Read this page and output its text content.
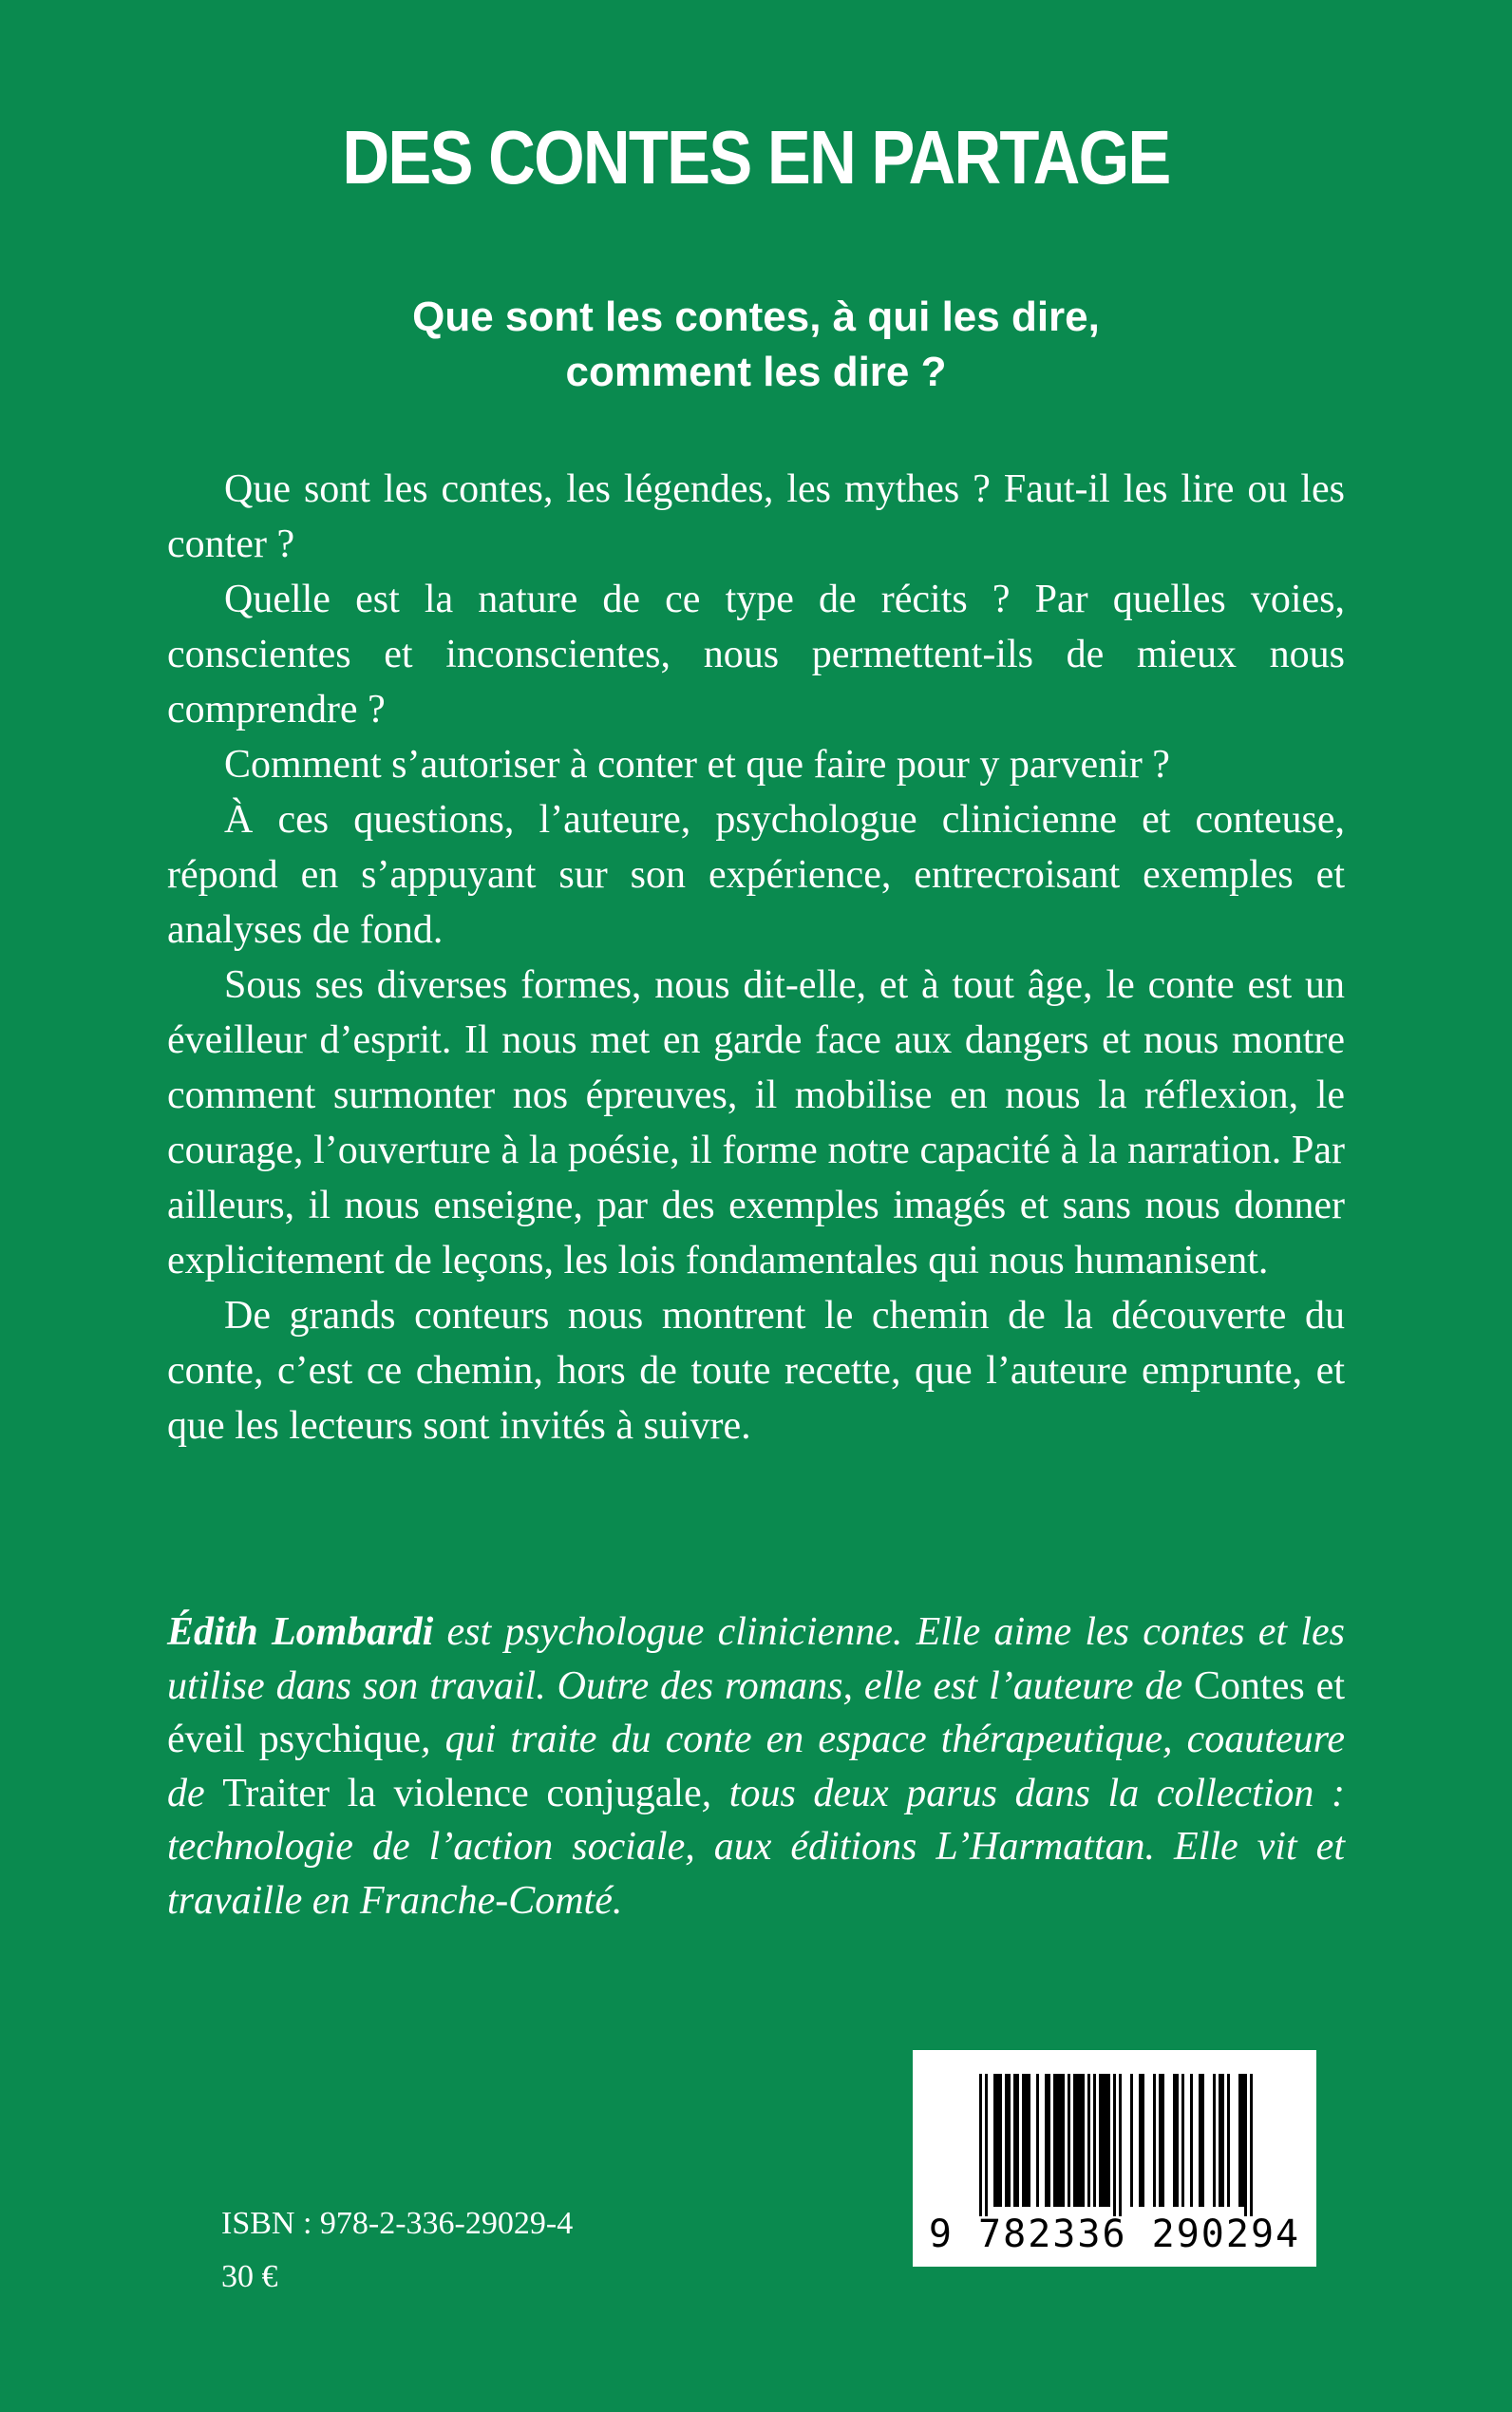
DES CONTES EN PARTAGE
Que sont les contes, à qui les dire,
comment les dire ?

Que sont les contes, les légendes, les mythes ? Faut-il les lire ou les conter ?

Quelle est la nature de ce type de récits ? Par quelles voies, conscientes et inconscientes, nous permettent-ils de mieux nous comprendre ?

Comment s’autoriser à conter et que faire pour y parvenir ?

À ces questions, l’auteure, psychologue clinicienne et conteuse, répond en s’appuyant sur son expérience, entrecroisant exemples et analyses de fond.

Sous ses diverses formes, nous dit-elle, et à tout âge, le conte est un éveilleur d’esprit. Il nous met en garde face aux dangers et nous montre comment surmonter nos épreuves, il mobilise en nous la réflexion, le courage, l’ouverture à la poésie, il forme notre capacité à la narration. Par ailleurs, il nous enseigne, par des exemples imagés et sans nous donner explicitement de leçons, les lois fondamentales qui nous humanisent.

De grands conteurs nous montrent le chemin de la découverte du conte, c’est ce chemin, hors de toute recette, que l’auteure emprunte, et que les lecteurs sont invités à suivre.

Édith Lombardi est psychologue clinicienne. Elle aime les contes et les utilise dans son travail. Outre des romans, elle est l’auteure de Contes et éveil psychique, qui traite du conte en espace thérapeutique, coauteure de Traiter la violence conjugale, tous deux parus dans la collection : technologie de l’action sociale, aux éditions L’Harmattan. Elle vit et travaille en Franche-Comté.
ISBN : 978-2-336-29029-4
30 €
9 782336 290294
